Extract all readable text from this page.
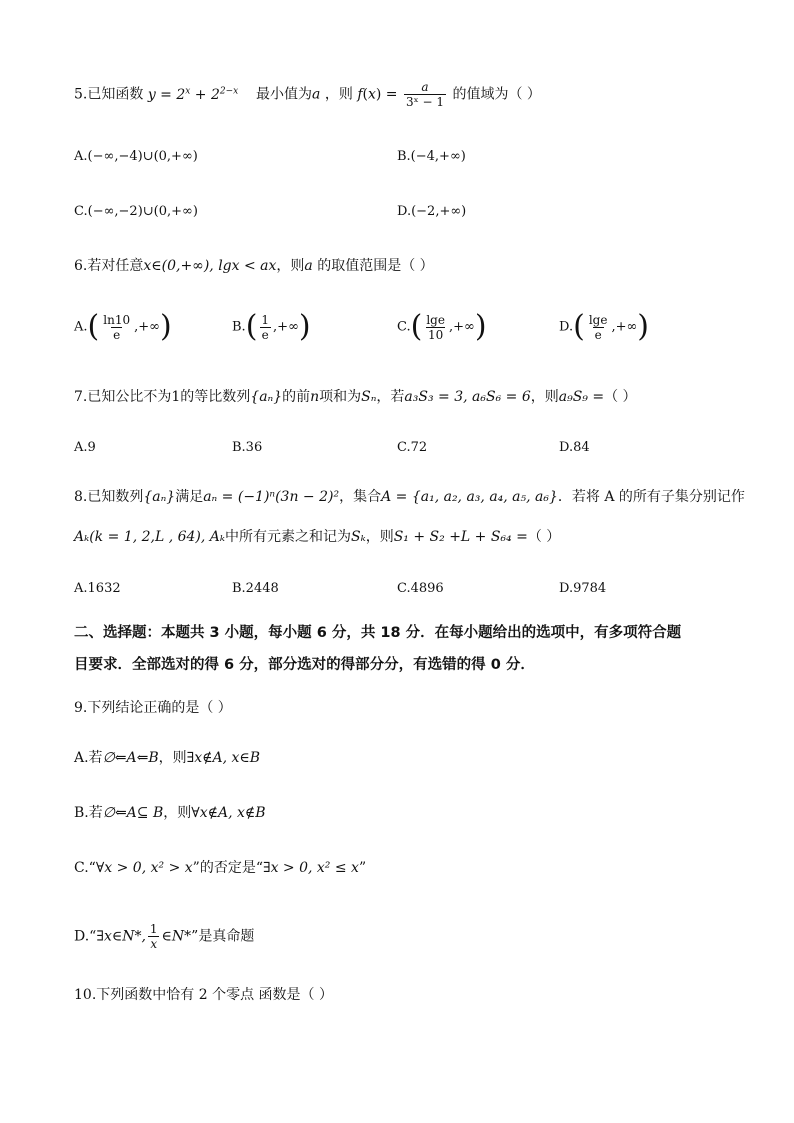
5.已知函数 $y = 2^x + 2^{2-x}$ 最小值为a ，则 $f(x) = \frac{a}{\text{3ˣ − 1}}$ 的值域为（ ）
A.(−∞,−4)∪(0,+∞)	B.(−4,+∞)
C.(−∞,−2)∪(0,+∞)	D.(−2,+∞)
6.若对任意x∈(0,+∞), lgx < ax，则a 的取值范围是（ ）
$A.( \frac{\ln 10}{e}$ ,+∞)	$B.( \frac{1}{e}$ ,+∞)	$C.( \frac{\lg e}{10}$ ,+∞)	$D.( \frac{\lg e}{e}$ ,+∞)
7.已知公比不为1的等比数列{aₙ}的前n项和为Sₙ，若a₃S₃ = 3, a₆S₆ = 6，则a₉S₉ =（ ）
A.9	B.36	C.72	D.84
8.已知数列{aₙ}满足aₙ = (−1)ⁿ(3n − 2)²，集合A = {a₁, a₂, a₃, a₄, a₅, a₆}．若将 A 的所有子集分别记作
Aₖ(k = 1, 2,L , 64), Aₖ中所有元素之和记为Sₖ，则S₁ + S₂ +L + S₆₄ =（ ）
A.1632	B.2448	C.4896	D.9784
二、选择题：本题共 3 小题，每小题 6 分，共 18 分．在每小题给出的选项中，有多项符合题
目要求．全部选对的得 6 分，部分选对的得部分分，有选错的得 0 分．
9.下列结论正确的是（ ）
A.若∅⇐A⇐B，则∃x∉A, x∈B
B.若∅⇐A⊆ B，则∀x∉A, x∉B
C.“∀x > 0, x² > x”的否定是“∃x > 0, x² ≤ x”
D.“∃x∈N*, $\frac{1}{x}$ ∈N*”是真命题
10.下列函数中恰有 2 个零点 函数是（ ）
